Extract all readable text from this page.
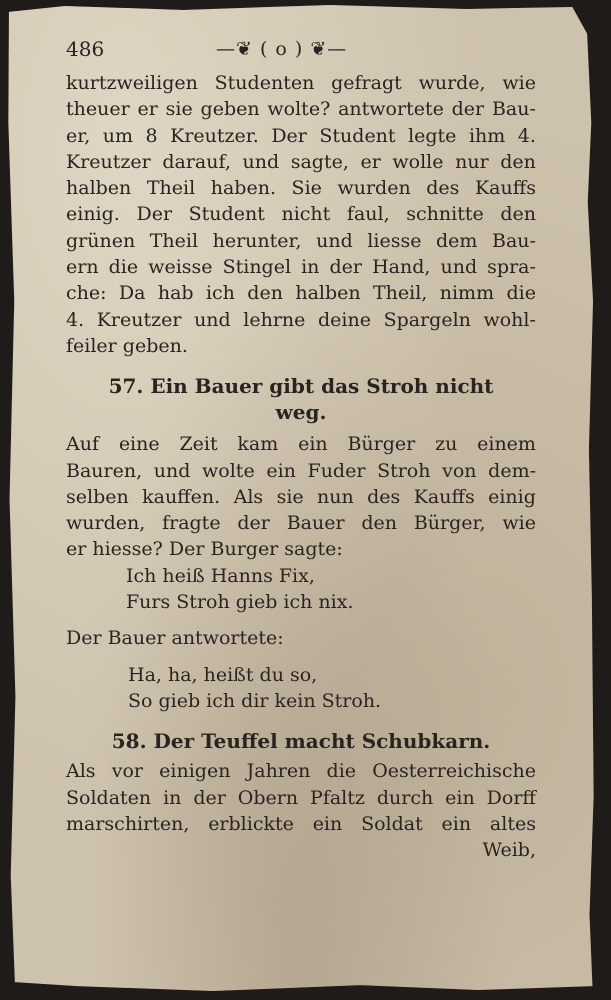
486	—❦ ( o ) ❦—
kurtzweiligen Studenten gefragt wurde, wie
theuer er sie geben wolte? antwortete der Bau-
er, um 8 Kreutzer. Der Student legte ihm 4.
Kreutzer darauf, und sagte, er wolle nur den
halben Theil haben. Sie wurden des Kauffs
einig. Der Student nicht faul, schnitte den
grünen Theil herunter, und liesse dem Bau-
ern die weisse Stingel in der Hand, und spra-
che: Da hab ich den halben Theil, nimm die
4. Kreutzer und lehrne deine Spargeln wohl-
feiler geben.
57. Ein Bauer gibt das Stroh nicht
weg.
Auf eine Zeit kam ein Bürger zu einem
Bauren, und wolte ein Fuder Stroh von dem-
selben kauffen. Als sie nun des Kauffs einig
wurden, fragte der Bauer den Bürger, wie
er hiesse? Der Burger sagte:
Ich heiß Hanns Fix,
Furs Stroh gieb ich nix.
Der Bauer antwortete:
Ha, ha, heißt du so,
So gieb ich dir kein Stroh.
58. Der Teuffel macht Schubkarn.
Als vor einigen Jahren die Oesterreichische
Soldaten in der Obern Pfaltz durch ein Dorff
marschirten, erblickte ein Soldat ein altes
Weib,
